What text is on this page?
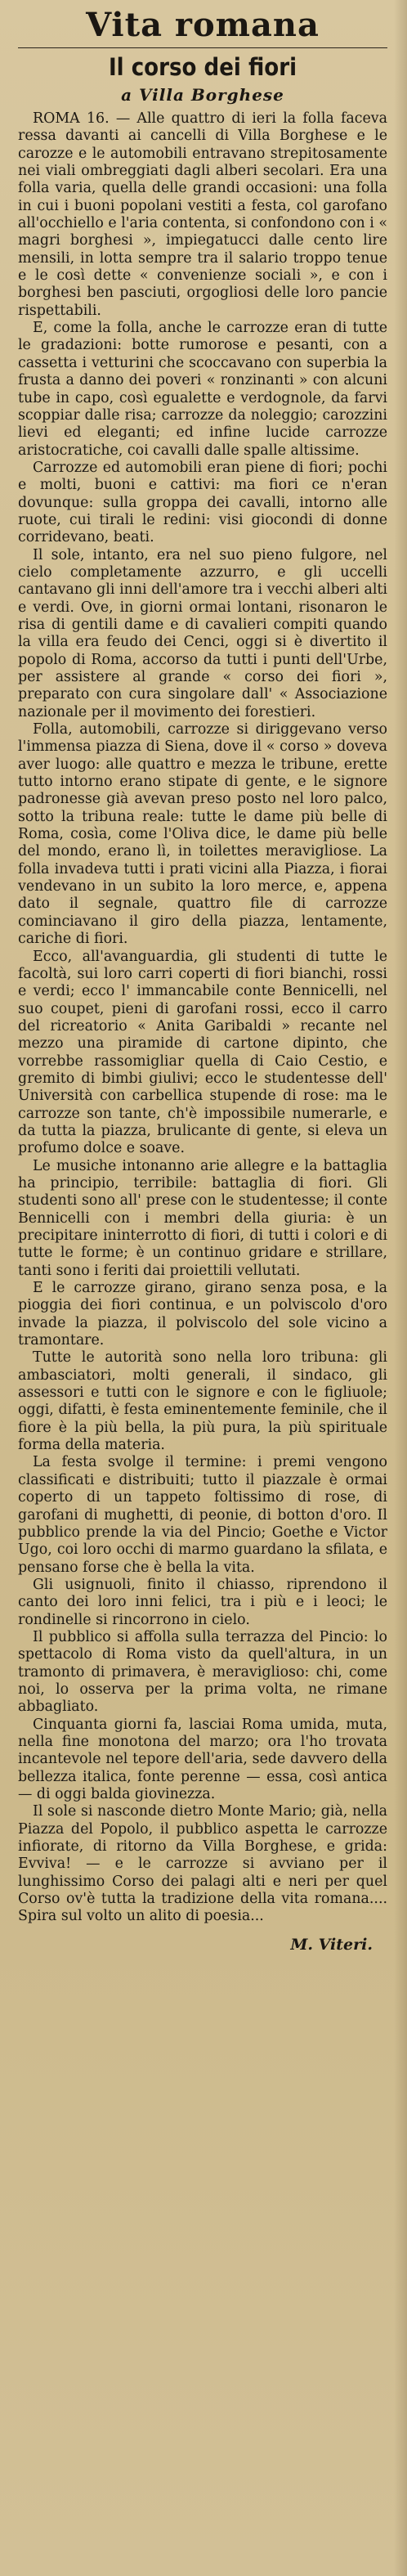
Vita romana
Il corso dei fiori
a Villa Borghese

ROMA 16. — Alle quattro di ieri la folla faceva ressa davanti ai cancelli di Villa Borghese e le carozze e le automobili entravano strepitosamente nei viali ombreggiati dagli alberi secolari. Era una folla varia, quella delle grandi occasioni: una folla in cui i buoni popolani vestiti a festa, col garofano all'occhiello e l'aria contenta, si confondono con i « magri borghesi », impiegatucci dalle cento lire mensili, in lotta sempre tra il salario troppo tenue e le così dette « convenienze sociali », e con i borghesi ben pasciuti, orgogliosi delle loro pancie rispettabili.

E, come la folla, anche le carrozze eran di tutte le gradazioni: botte rumorose e pesanti, con a cassetta i vetturini che scoccavano con superbia la frusta a danno dei poveri « ronzinanti » con alcuni tube in capo, così egualette e verdognole, da farvi scoppiar dalle risa; carrozze da noleggio; carozzini lievi ed eleganti; ed infine lucide carrozze aristocratiche, coi cavalli dalle spalle altissime.

Carrozze ed automobili eran piene di fiori; pochi e molti, buoni e cattivi: ma fiori ce n'eran dovunque: sulla groppa dei cavalli, intorno alle ruote, cui tirali le redini: visi giocondi di donne corridevano, beati.

Il sole, intanto, era nel suo pieno fulgore, nel cielo completamente azzurro, e gli uccelli cantavano gli inni dell'amore tra i vecchi alberi alti e verdi. Ove, in giorni ormai lontani, risonaron le risa di gentili dame e di cavalieri compiti quando la villa era feudo dei Cenci, oggi si è divertito il popolo di Roma, accorso da tutti i punti dell'Urbe, per assistere al grande « corso dei fiori », preparato con cura singolare dall' « Associazione nazionale per il movimento dei forestieri.

Folla, automobili, carrozze si diriggevano verso l'immensa piazza di Siena, dove il « corso » doveva aver luogo: alle quattro e mezza le tribune, erette tutto intorno erano stipate di gente, e le signore padronesse già avevan preso posto nel loro palco, sotto la tribuna reale: tutte le dame più belle di Roma, cosìa, come l'Oliva dice, le dame più belle del mondo, erano lì, in toilettes meravigliose. La folla invadeva tutti i prati vicini alla Piazza, i fiorai vendevano in un subito la loro merce, e, appena dato il segnale, quattro file di carrozze cominciavano il giro della piazza, lentamente, cariche di fiori.

Ecco, all'avanguardia, gli studenti di tutte le facoltà, sui loro carri coperti di fiori bianchi, rossi e verdi; ecco l' immancabile conte Bennicelli, nel suo coupet, pieni di garofani rossi, ecco il carro del ricreatorio « Anita Garibaldi » recante nel mezzo una piramide di cartone dipinto, che vorrebbe rassomigliar quella di Caio Cestio, e gremito di bimbi giulivi; ecco le studentesse dell' Università con carbellica stupende di rose: ma le carrozze son tante, ch'è impossibile numerarle, e da tutta la piazza, brulicante di gente, si eleva un profumo dolce e soave.

Le musiche intonanno arie allegre e la battaglia ha principio, terribile: battaglia di fiori. Gli studenti sono all' prese con le studentesse; il conte Bennicelli con i membri della giuria: è un precipitare ininterrotto di fiori, di tutti i colori e di tutte le forme; è un continuo gridare e strillare, tanti sono i feriti dai proiettili vellutati.

E le carrozze girano, girano senza posa, e la pioggia dei fiori continua, e un polviscolo d'oro invade la piazza, il polviscolo del sole vicino a tramontare.

Tutte le autorità sono nella loro tribuna: gli ambasciatori, molti generali, il sindaco, gli assessori e tutti con le signore e con le figliuole; oggi, difatti, è festa eminentemente feminile, che il fiore è la più bella, la più pura, la più spirituale forma della materia.

La festa svolge il termine: i premi vengono classificati e distribuiti; tutto il piazzale è ormai coperto di un tappeto foltissimo di rose, di garofani di mughetti, di peonie, di botton d'oro. Il pubblico prende la via del Pincio; Goethe e Victor Ugo, coi loro occhi di marmo guardano la sfilata, e pensano forse che è bella la vita.

Gli usignuoli, finito il chiasso, riprendono il canto dei loro inni felici, tra i più e i leoci; le rondinelle si rincorrono in cielo.

Il pubblico si affolla sulla terrazza del Pincio: lo spettacolo di Roma visto da quell'altura, in un tramonto di primavera, è meraviglioso: chi, come noi, lo osserva per la prima volta, ne rimane abbagliato.

Cinquanta giorni fa, lasciai Roma umida, muta, nella fine monotona del marzo; ora l'ho trovata incantevole nel tepore dell'aria, sede davvero della bellezza italica, fonte perenne — essa, così antica — di oggi balda giovinezza.

Il sole si nasconde dietro Monte Mario; già, nella Piazza del Popolo, il pubblico aspetta le carrozze infiorate, di ritorno da Villa Borghese, e grida: Evviva! — e le carrozze si avviano per il lunghissimo Corso dei palagi alti e neri per quel Corso ov'è tutta la tradizione della vita romana.... Spira sul volto un alito di poesia...

M. Viteri.
